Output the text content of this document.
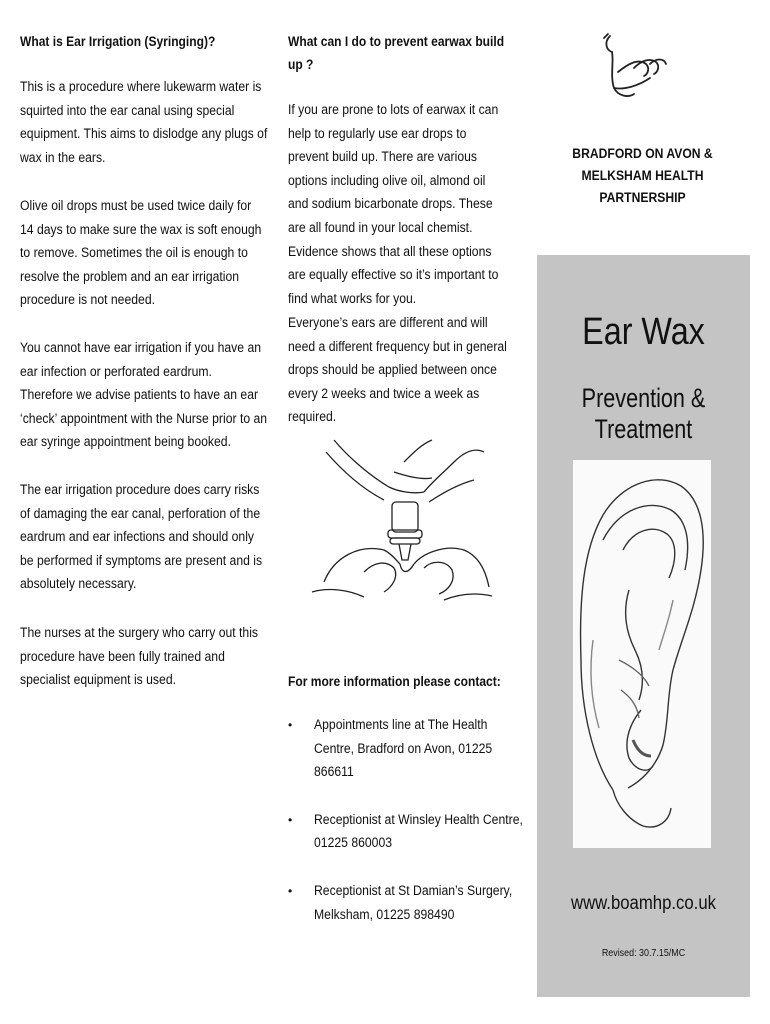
What is Ear Irrigation (Syringing)?

This is a procedure where lukewarm water is squirted into the ear canal using special equipment. This aims to dislodge any plugs of wax in the ears.

Olive oil drops must be used twice daily for 14 days to make sure the wax is soft enough to remove. Sometimes the oil is enough to resolve the problem and an ear irrigation procedure is not needed.

You cannot have ear irrigation if you have an ear infection or perforated eardrum. Therefore we advise patients to have an ear ‘check’ appointment with the Nurse prior to an ear syringe appointment being booked.

The ear irrigation procedure does carry risks of damaging the ear canal, perforation of the eardrum and ear infections and should only be performed if symptoms are present and is absolutely necessary.

The nurses at the surgery who carry out this procedure have been fully trained and specialist equipment is used.

What can I do to prevent earwax build up ?

If you are prone to lots of earwax it can help to regularly use ear drops to prevent build up. There are various options including olive oil, almond oil and sodium bicarbonate drops. These are all found in your local chemist. Evidence shows that all these options are equally effective so it’s important to find what works for you.

Everyone’s ears are different and will need a different frequency but in general drops should be applied between once every 2 weeks and twice a week as required.

For more information please contact:

• Appointments line at The Health Centre, Bradford on Avon, 01225 866611
• Receptionist at Winsley Health Centre, 01225 860003
• Receptionist at St Damian’s Surgery, Melksham, 01225 898490
BRADFORD ON AVON & MELKSHAM HEALTH PARTNERSHIP
Ear Wax
Prevention & Treatment
www.boamhp.co.uk
Revised: 30.7.15/MC
